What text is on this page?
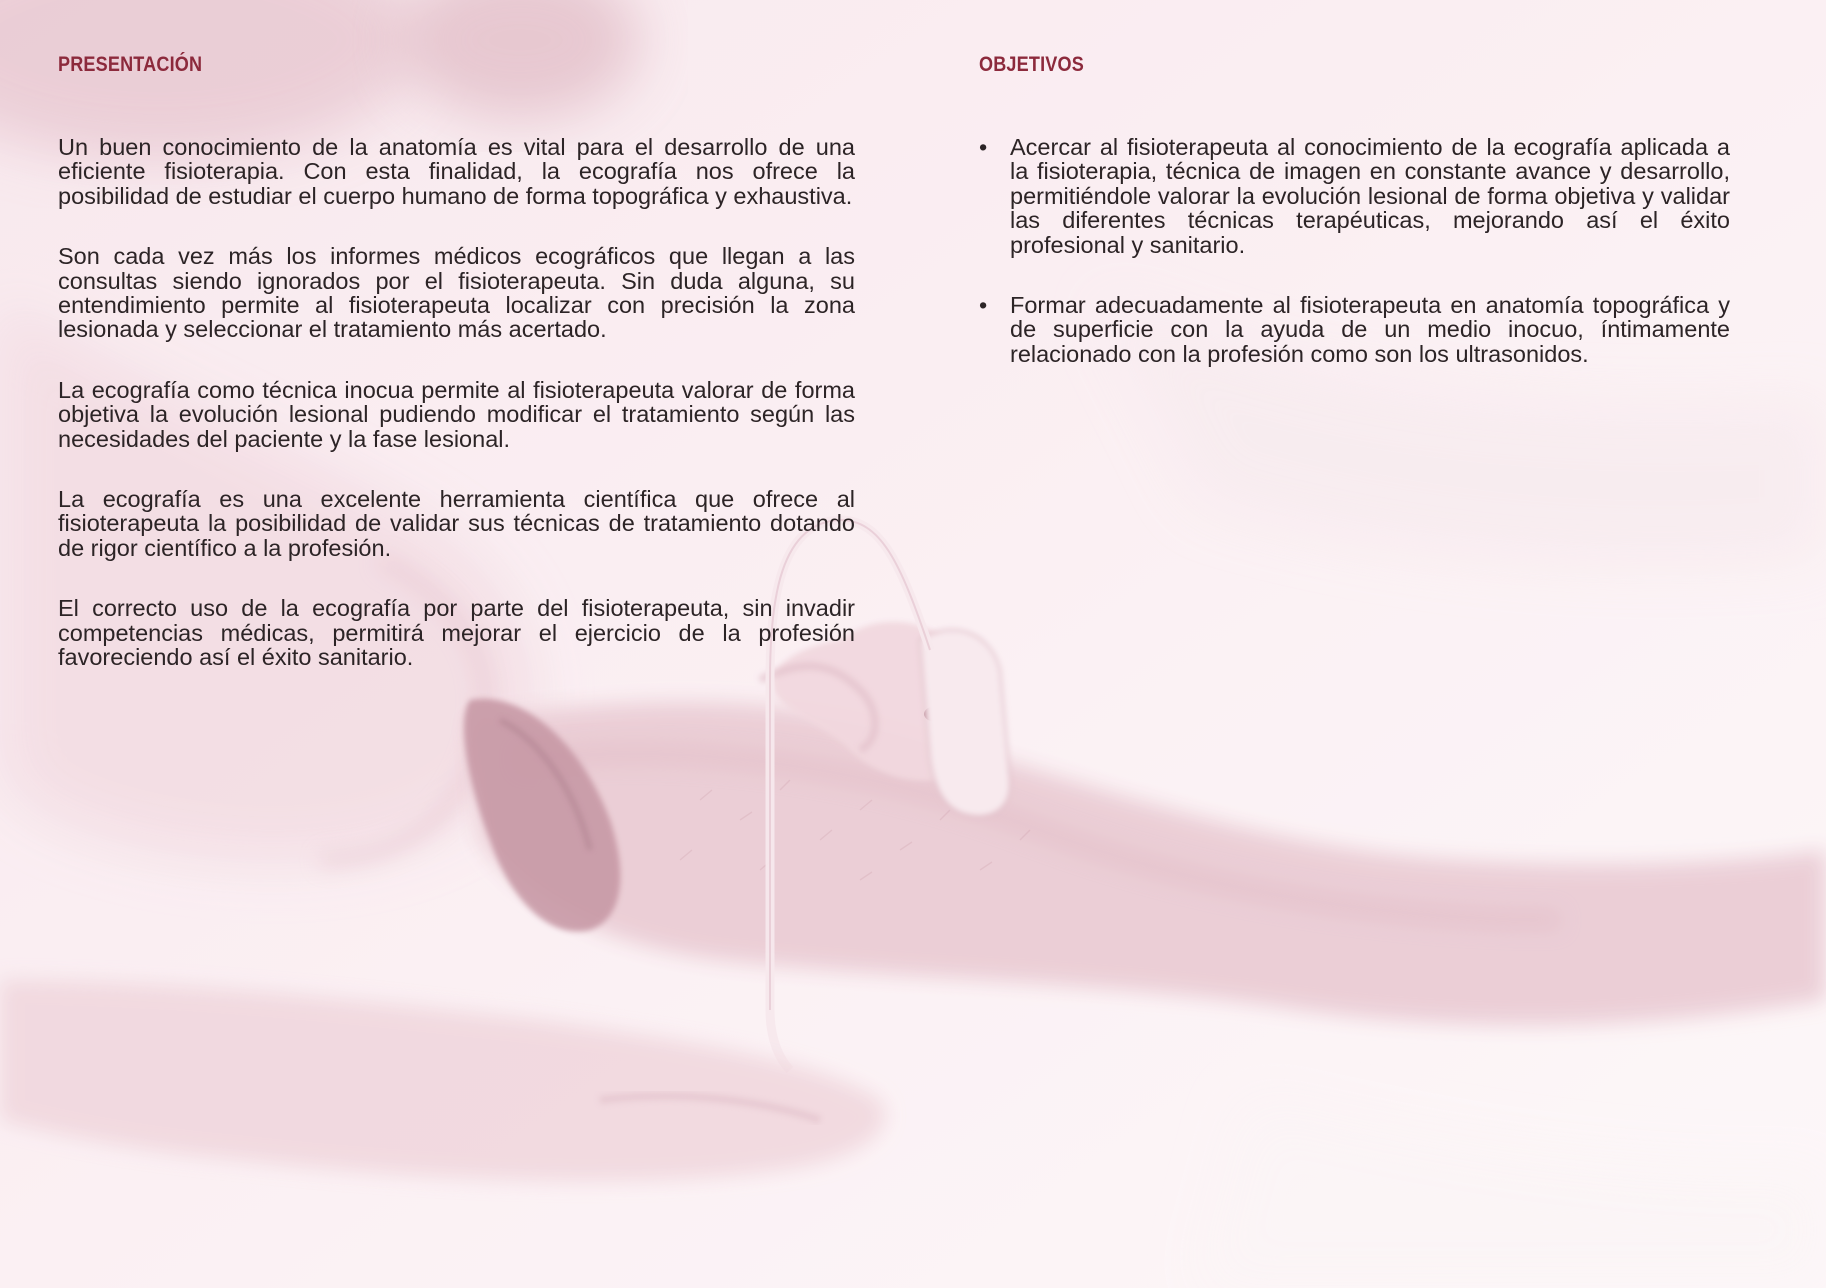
PRESENTACIÓN

Un buen conocimiento de la anatomía es vital para el desarrollo de una eficiente fisioterapia. Con esta finalidad, la ecografía nos ofrece la posibilidad de estudiar el cuerpo humano de forma topográfica y exhaustiva.

Son cada vez más los informes médicos ecográficos que llegan a las consultas siendo ignorados por el fisioterapeuta. Sin duda alguna, su entendimiento permite al fisioterapeuta localizar con precisión la zona lesionada y seleccionar el tratamiento más acertado.

La ecografía como técnica inocua permite al fisioterapeuta valorar de forma objetiva la evolución lesional pudiendo modificar el tratamiento según las necesidades del paciente y la fase lesional.

La ecografía es una excelente herramienta científica que ofrece al fisioterapeuta la posibilidad de validar sus técnicas de tratamiento dotando de rigor científico a la profesión.

El correcto uso de la ecografía por parte del fisioterapeuta, sin invadir competencias médicas, permitirá mejorar el ejercicio de la profesión favoreciendo así el éxito sanitario.

OBJETIVOS
• Acercar al fisioterapeuta al conocimiento de la ecografía aplicada a la fisioterapia, técnica de imagen en constante avance y desarrollo, permitiéndole valorar la evolución lesional de forma objetiva y validar las diferentes técnicas terapéuticas, mejorando así el éxito profesional y sanitario.

• Formar adecuadamente al fisioterapeuta en anatomía topográfica y de superficie con la ayuda de un medio inocuo, íntimamente relacionado con la profesión como son los ultrasonidos.
